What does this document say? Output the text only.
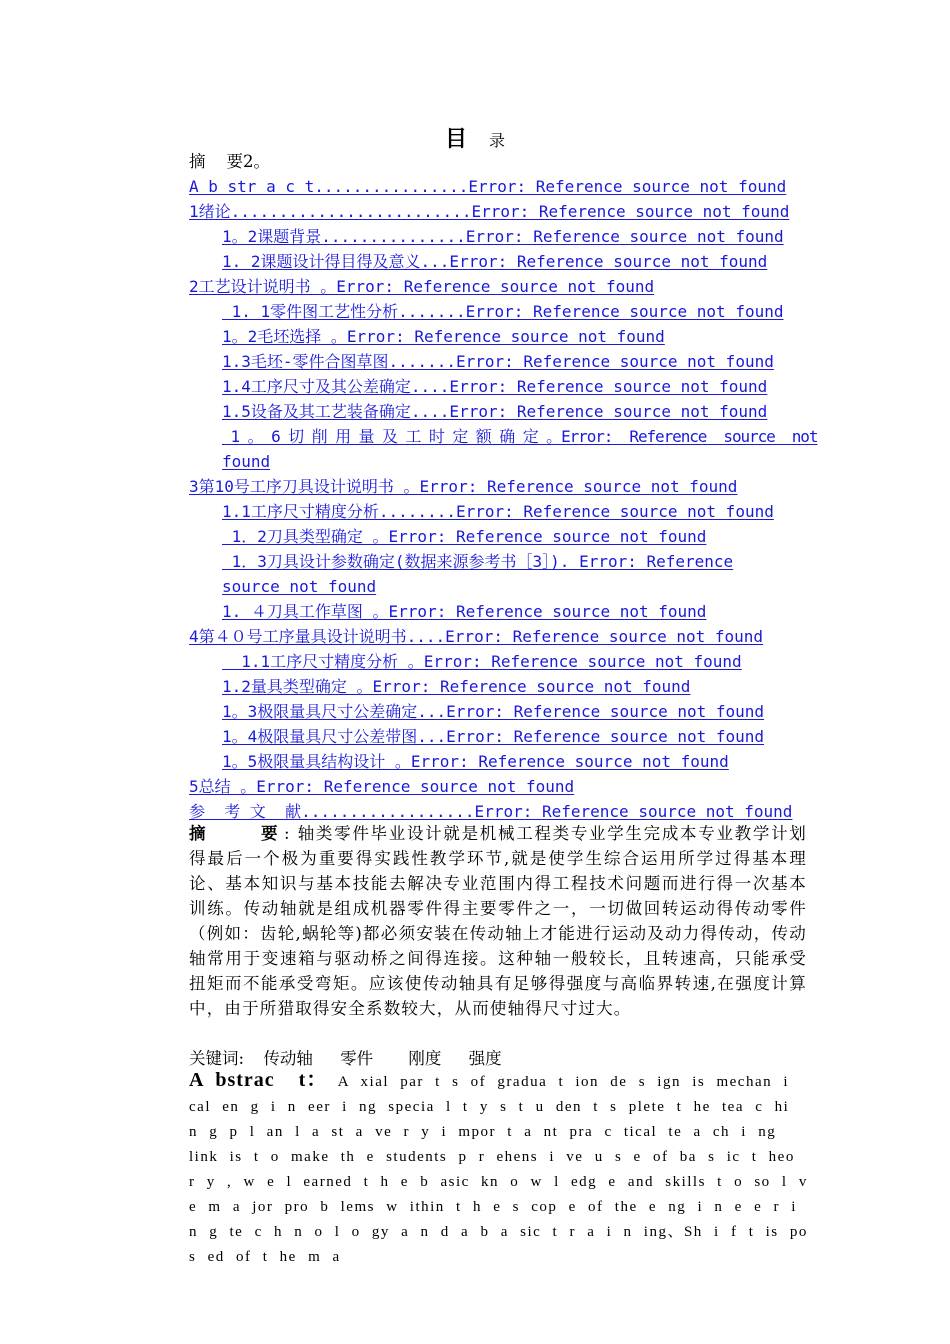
目 录
摘    要2。
A b str a c t................Error: Reference source not found
1绪论.........................Error: Reference source not found
1。2课题背景...............Error: Reference source not found
1. 2课题设计得目得及意义...Error: Reference source not found
2工艺设计说明书 。Error: Reference source not found
1. 1零件图工艺性分析.......Error: Reference source not found
1。2毛坯选择 。Error: Reference source not found
1.3毛坯-零件合图草图.......Error: Reference source not found
1.4工序尺寸及其公差确定....Error: Reference source not found
1.5设备及其工艺装备确定....Error: Reference source not found
1 。 6 切 削 用 量 及 工 时 定 额 确 定 。Error:  Reference  source  not
found
3第10号工序刀具设计说明书 。Error: Reference source not found
1.1工序尺寸精度分析........Error: Reference source not found
1．2刀具类型确定 。Error: Reference source not found
1．3刀具设计参数确定(数据来源参考书［3］). Error: Reference
source not found
1. ４刀具工作草图 。Error: Reference source not found
4第４０号工序量具设计说明书....Error: Reference source not found
1.1工序尺寸精度分析 。Error: Reference source not found
1.2量具类型确定 。Error: Reference source not found
1。3极限量具尺寸公差确定...Error: Reference source not found
1。4极限量具尺寸公差带图...Error: Reference source not found
1。5极限量具结构设计 。Error: Reference source not found
5总结 。Error: Reference source not found
参  考 文  献..................Error: Reference source not found
摘    要: 轴类零件毕业设计就是机械工程类专业学生完成本专业教学计划得最后一个极为重要得实践性教学环节,就是使学生综合运用所学过得基本理论、基本知识与基本技能去解决专业范围内得工程技术问题而进行得一次基本训练。传动轴就是组成机器零件得主要零件之一，一切做回转运动得传动零件（例如：齿轮,蜗轮等)都必须安装在传动轴上才能进行运动及动力得传动，传动轴常用于变速箱与驱动桥之间得连接。这种轴一般较长，且转速高，只能承受扭矩而不能承受弯矩。应该使传动轴具有足够得强度与高临界转速,在强度计算中，由于所猎取得安全系数较大，从而使轴得尺寸过大。
关键词: 传动轴 零件 刚度 强度
A bstrac  t： A xial par t s of gradua t ion de s ign is mechan i cal en g i n eer i ng specia l t y s t u den t s plete t he tea c hi n g p l an l a st a ve r y i mpor t a nt pra c tical te a ch i ng link is t o make th e students p r ehens i ve u s e of ba s ic t heo r y , w e l earned t h e b asic kn o w l edg e and skills t o so l v e m a jor pro b lems w ithin t h e s cop e of the e ng i n e e r i n g te c h n o l o gy a n d a b a sic t r a i n ing、Sh i f t is po s ed of t he m a
